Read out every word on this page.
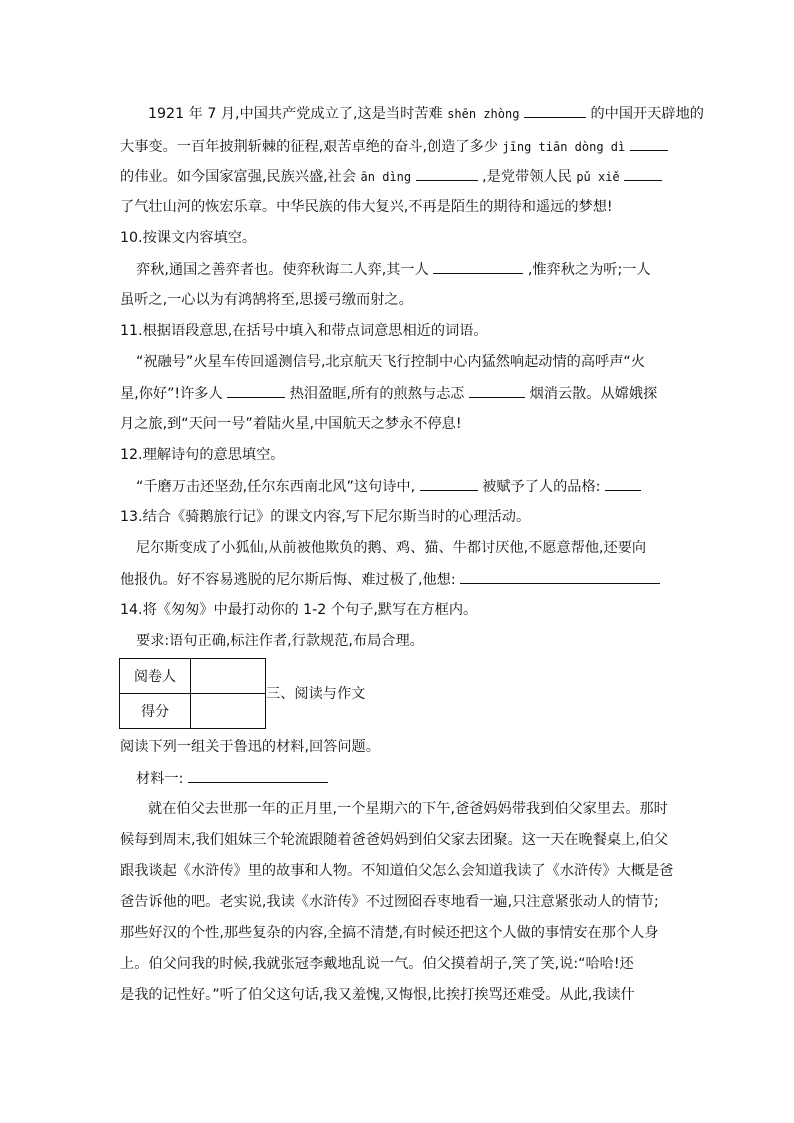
1921 年 7 月,中国共产党成立了,这是当时苦难 shēn zhòng	的中国开天辟地的
大事变。一百年披荆斩棘的征程,艰苦卓绝的奋斗,创造了多少 jīng tiān dòng dì
的伟业。如今国家富强,民族兴盛,社会 ān dìng	,是党带领人民 pǔ xiě
了气壮山河的恢宏乐章。中华民族的伟大复兴,不再是陌生的期待和遥远的梦想!
10.按课文内容填空。
弈秋,通国之善弈者也。使弈秋诲二人弈,其一人	,惟弈秋之为听;一人
虽听之,一心以为有鸿鹄将至,思援弓缴而射之。
11.根据语段意思,在括号中填入和带点词意思相近的词语。
“祝融号”火星车传回遥测信号,北京航天飞行控制中心内猛然响起动情的高呼声“火
星,你好”!许多人	热泪盈眶,所有的煎熬与忐忑	烟消云散。从嫦娥探
月之旅,到“天问一号”着陆火星,中国航天之梦永不停息!
12.理解诗句的意思填空。
“千磨万击还坚劲,任尔东西南北风”这句诗中,	被赋予了人的品格:
13.结合《骑鹅旅行记》的课文内容,写下尼尔斯当时的心理活动。
尼尔斯变成了小狐仙,从前被他欺负的鹅、鸡、猫、牛都讨厌他,不愿意帮他,还要向
他报仇。好不容易逃脱的尼尔斯后悔、难过极了,他想:
14.将《匆匆》中最打动你的 1-2 个句子,默写在方框内。
要求:语句正确,标注作者,行款规范,布局合理。
阅卷人	
得分	
三、阅读与作文
阅读下列一组关于鲁迅的材料,回答问题。
材料一:
就在伯父去世那一年的正月里,一个星期六的下午,爸爸妈妈带我到伯父家里去。那时
候每到周末,我们姐妹三个轮流跟随着爸爸妈妈到伯父家去团聚。这一天在晚餐桌上,伯父
跟我谈起《水浒传》里的故事和人物。不知道伯父怎么会知道我读了《水浒传》大概是爸
爸告诉他的吧。老实说,我读《水浒传》不过囫囵吞枣地看一遍,只注意紧张动人的情节;
那些好汉的个性,那些复杂的内容,全搞不清楚,有时候还把这个人做的事情安在那个人身
上。伯父问我的时候,我就张冠李戴地乱说一气。伯父摸着胡子,笑了笑,说:“哈哈!还
是我的记性好。”听了伯父这句话,我又羞愧,又悔恨,比挨打挨骂还难受。从此,我读什
